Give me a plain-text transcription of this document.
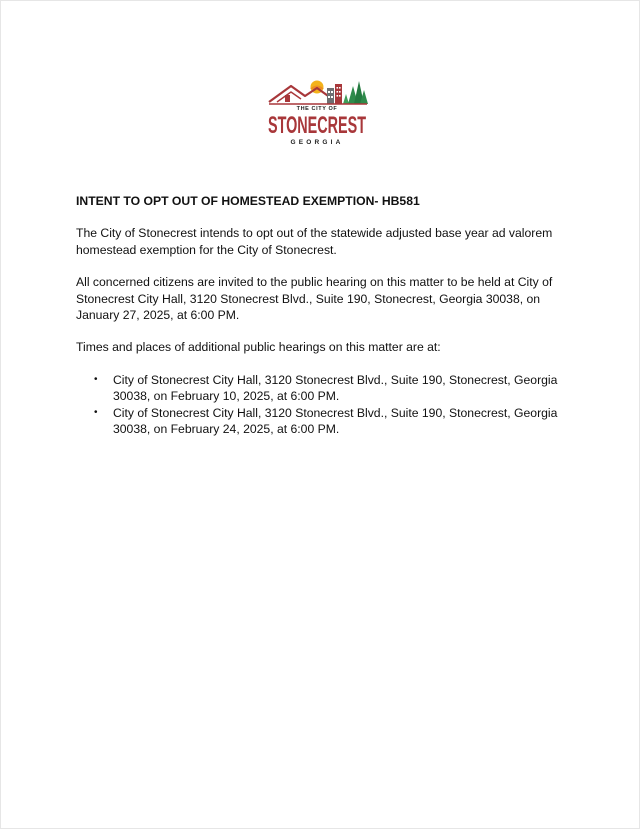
THE CITY OF
STONECREST
GEORGIA
INTENT TO OPT OUT OF HOMESTEAD EXEMPTION- HB581

The City of Stonecrest intends to opt out of the statewide adjusted base year ad valorem homestead exemption for the City of Stonecrest.

All concerned citizens are invited to the public hearing on this matter to be held at City of Stonecrest City Hall, 3120 Stonecrest Blvd., Suite 190, Stonecrest, Georgia 30038, on January 27, 2025, at 6:00 PM.

Times and places of additional public hearings on this matter are at:

• City of Stonecrest City Hall, 3120 Stonecrest Blvd., Suite 190, Stonecrest, Georgia 30038, on February 10, 2025, at 6:00 PM.
• City of Stonecrest City Hall, 3120 Stonecrest Blvd., Suite 190, Stonecrest, Georgia 30038, on February 24, 2025, at 6:00 PM.
